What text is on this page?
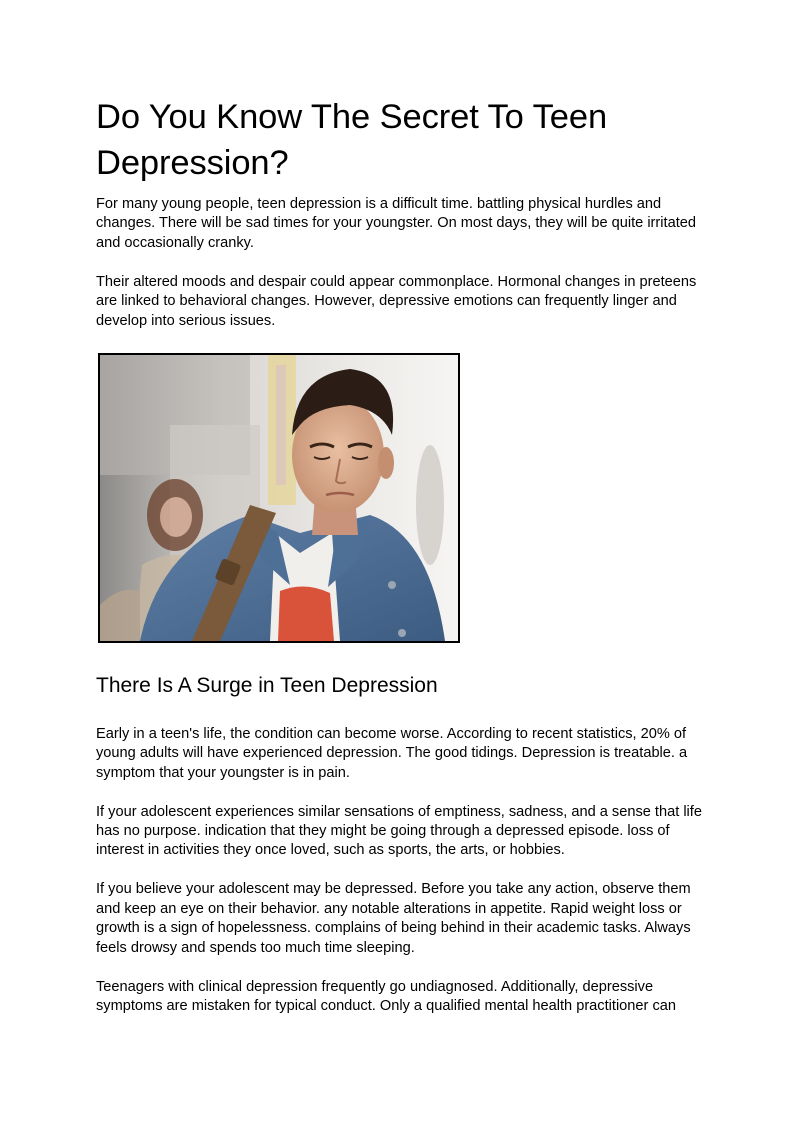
Do You Know The Secret To Teen Depression?

For many young people, teen depression is a difficult time. battling physical hurdles and changes. There will be sad times for your youngster. On most days, they will be quite irritated and occasionally cranky.

Their altered moods and despair could appear commonplace. Hormonal changes in preteens are linked to behavioral changes. However, depressive emotions can frequently linger and develop into serious issues.

There Is A Surge in Teen Depression

Early in a teen's life, the condition can become worse. According to recent statistics, 20% of young adults will have experienced depression. The good tidings. Depression is treatable. a symptom that your youngster is in pain.

If your adolescent experiences similar sensations of emptiness, sadness, and a sense that life has no purpose. indication that they might be going through a depressed episode. loss of interest in activities they once loved, such as sports, the arts, or hobbies.

If you believe your adolescent may be depressed. Before you take any action, observe them and keep an eye on their behavior. any notable alterations in appetite. Rapid weight loss or growth is a sign of hopelessness. complains of being behind in their academic tasks. Always feels drowsy and spends too much time sleeping.

Teenagers with clinical depression frequently go undiagnosed. Additionally, depressive symptoms are mistaken for typical conduct. Only a qualified mental health practitioner can
